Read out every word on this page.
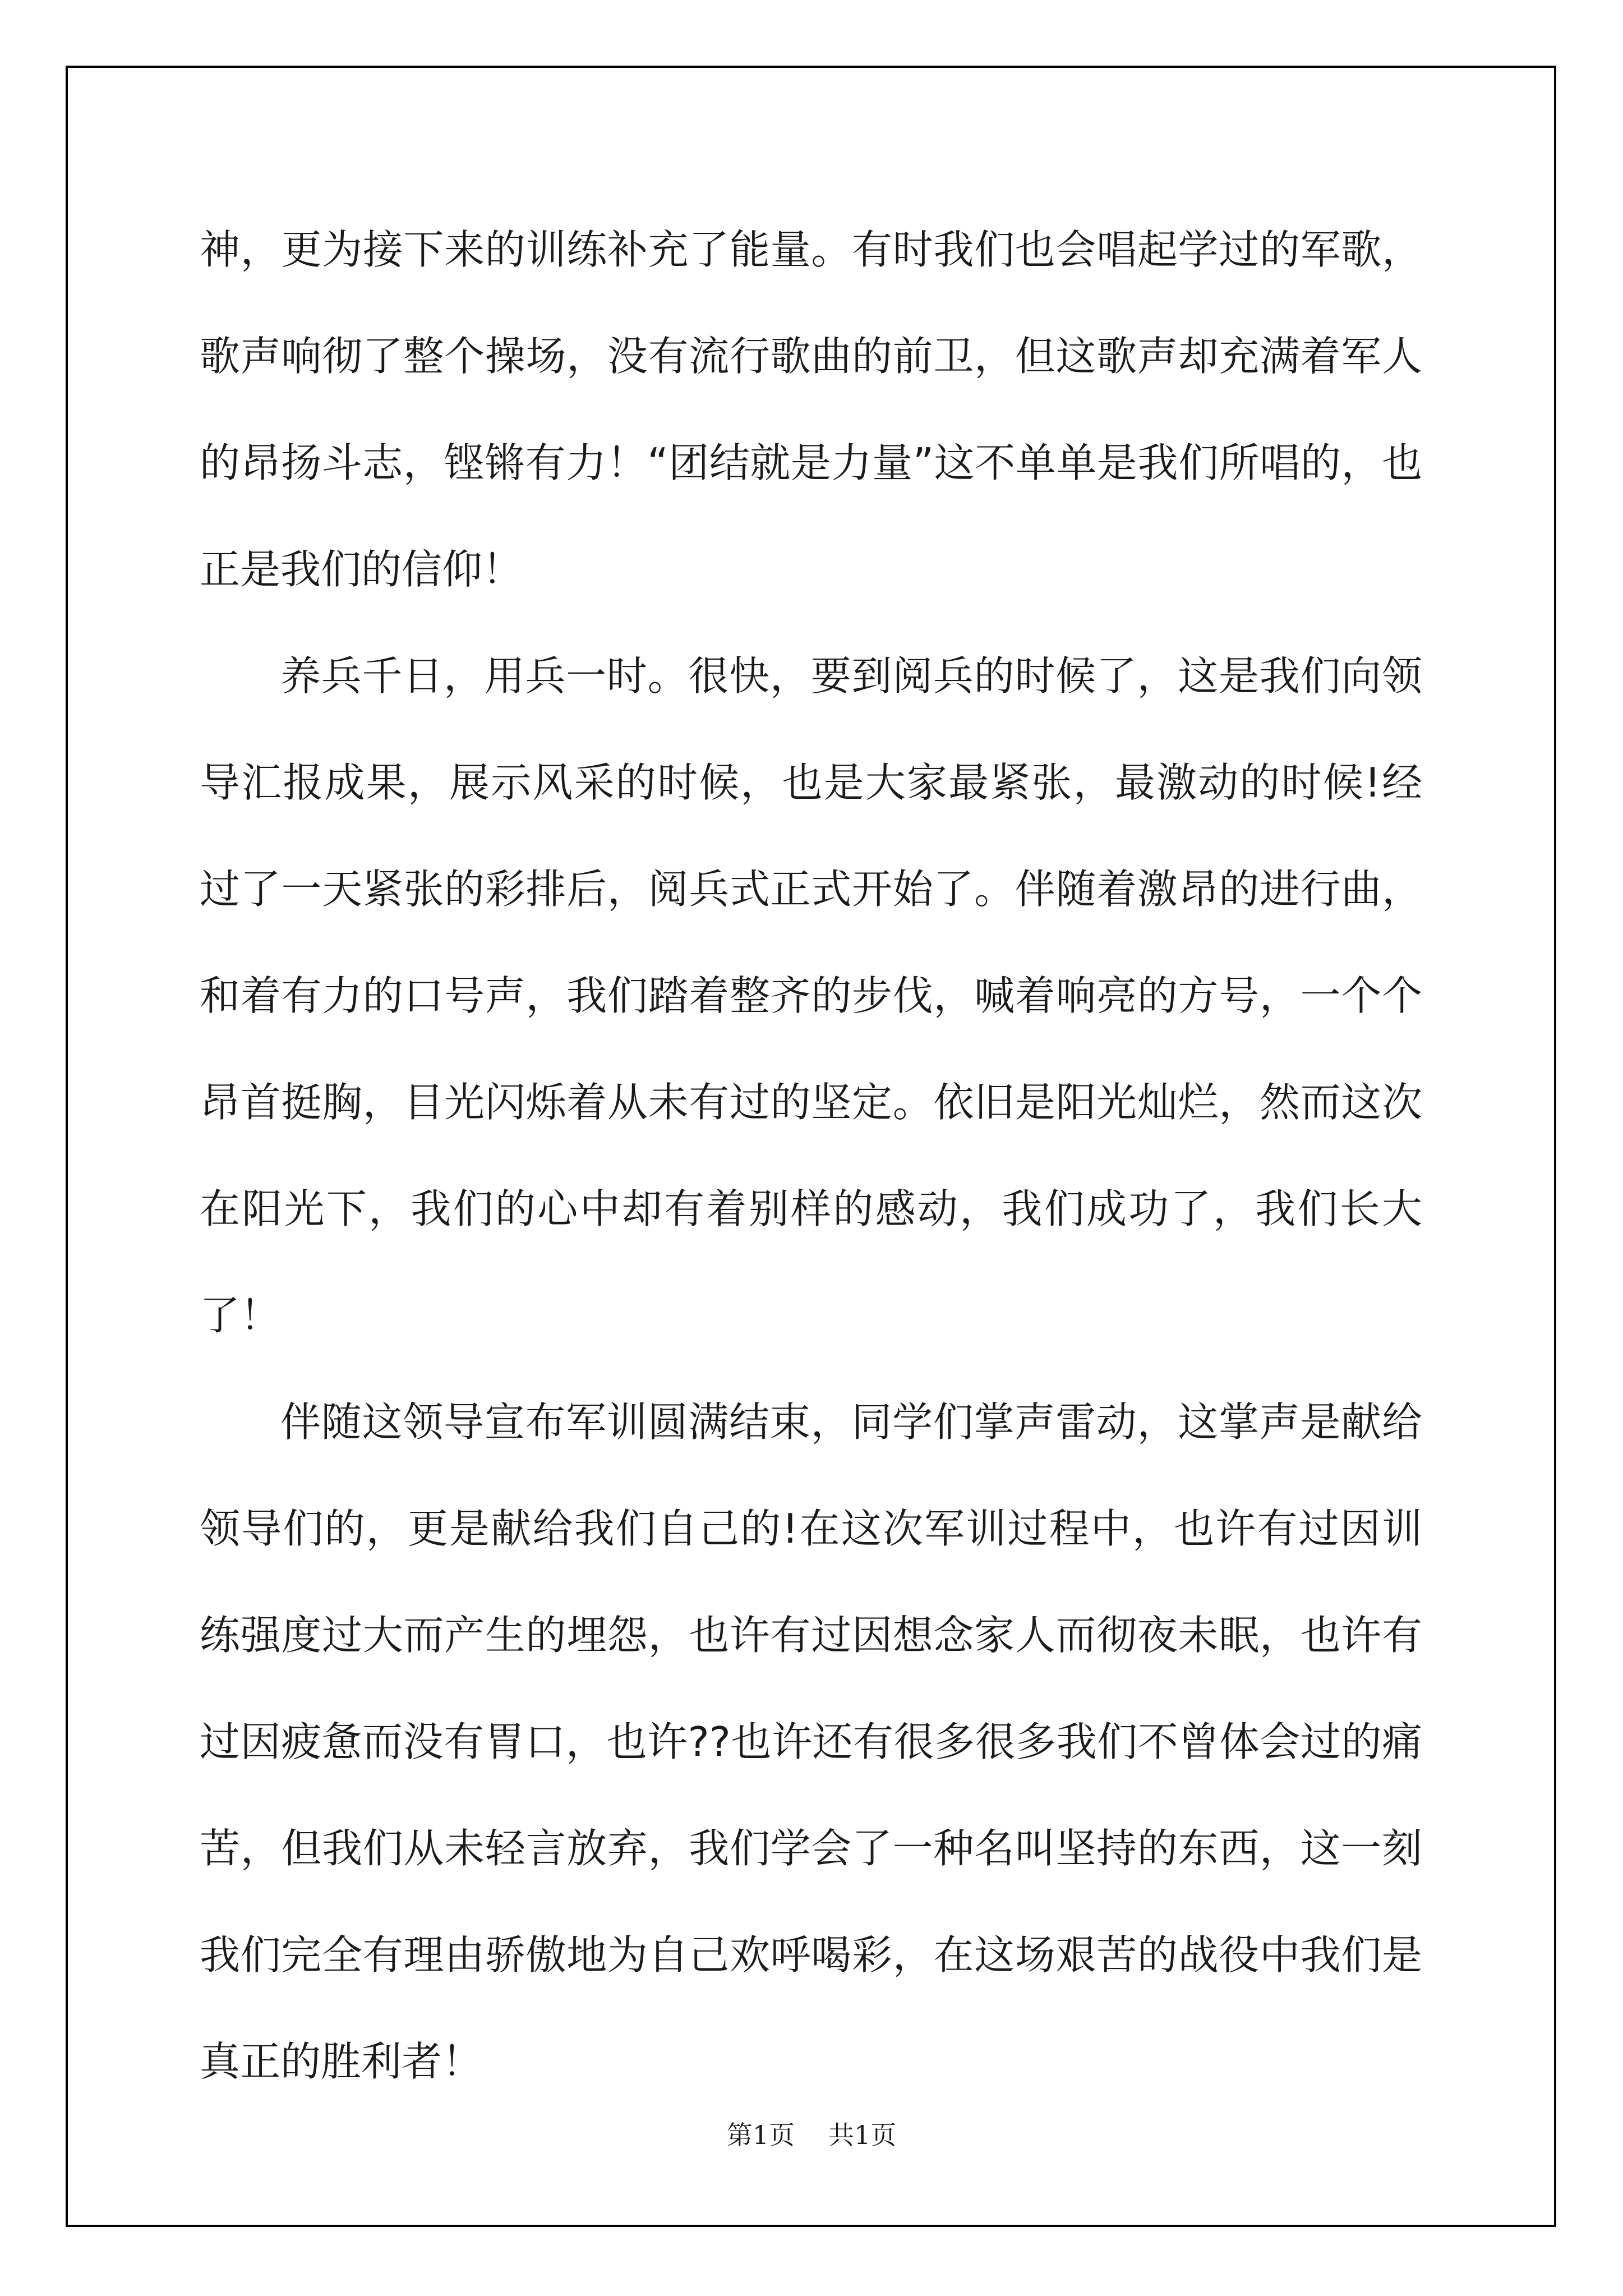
神，更为接下来的训练补充了能量。有时我们也会唱起学过的军歌，歌声响彻了整个操场，没有流行歌曲的前卫，但这歌声却充满着军人的昂扬斗志，铿锵有力！“团结就是力量”这不单单是我们所唱的，也正是我们的信仰！

养兵千日，用兵一时。很快，要到阅兵的时候了，这是我们向领导汇报成果，展示风采的时候，也是大家最紧张，最激动的时候!经过了一天紧张的彩排后，阅兵式正式开始了。伴随着激昂的进行曲，和着有力的口号声，我们踏着整齐的步伐，喊着响亮的方号，一个个昂首挺胸，目光闪烁着从未有过的坚定。依旧是阳光灿烂，然而这次在阳光下，我们的心中却有着别样的感动，我们成功了，我们长大了！

伴随这领导宣布军训圆满结束，同学们掌声雷动，这掌声是献给领导们的，更是献给我们自己的!在这次军训过程中，也许有过因训练强度过大而产生的埋怨，也许有过因想念家人而彻夜未眠，也许有过因疲惫而没有胃口，也许??也许还有很多很多我们不曾体会过的痛苦，但我们从未轻言放弃，我们学会了一种名叫坚持的东西，这一刻我们完全有理由骄傲地为自己欢呼喝彩，在这场艰苦的战役中我们是真正的胜利者！

第1页 共1页
